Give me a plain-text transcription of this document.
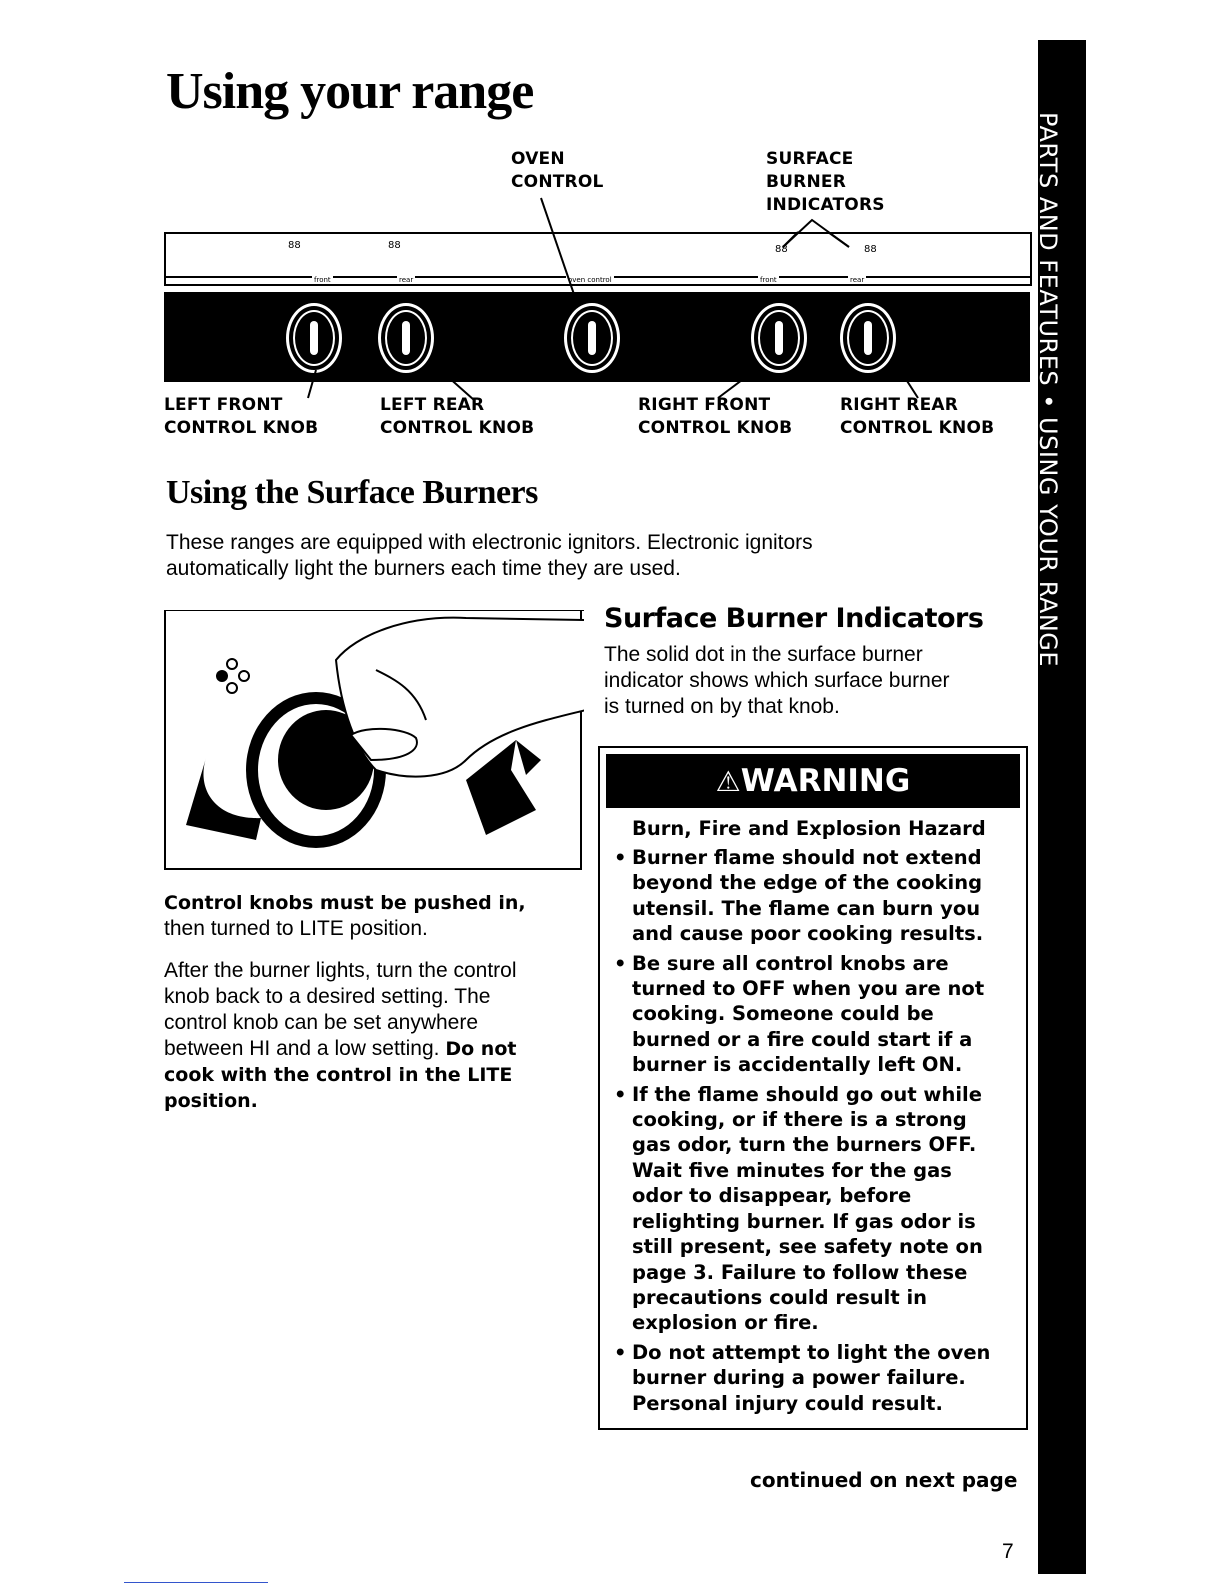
PARTS AND FEATURES • USING YOUR RANGE
Using your range
OVEN
CONTROL
SURFACE
BURNER
INDICATORS
88	88	88	88
front	rear	oven control	front	rear
LEFT FRONT
CONTROL KNOB
LEFT REAR
CONTROL KNOB
RIGHT FRONT
CONTROL KNOB
RIGHT REAR
CONTROL KNOB
Using the Surface Burners
These ranges are equipped with electronic ignitors. Electronic ignitors
automatically light the burners each time they are used.
Control knobs must be pushed in,
then turned to LITE position.
After the burner lights, turn the control
knob back to a desired setting. The
control knob can be set anywhere
between HI and a low setting. Do not
cook with the control in the LITE
position.
Surface Burner Indicators
The solid dot in the surface burner
indicator shows which surface burner
is turned on by that knob.
⚠WARNING
Burn, Fire and Explosion Hazard
• Burner flame should not extend
beyond the edge of the cooking
utensil. The flame can burn you
and cause poor cooking results.
• Be sure all control knobs are
turned to OFF when you are not
cooking. Someone could be
burned or a fire could start if a
burner is accidentally left ON.
• If the flame should go out while
cooking, or if there is a strong
gas odor, turn the burners OFF.
Wait five minutes for the gas
odor to disappear, before
relighting burner. If gas odor is
still present, see safety note on
page 3. Failure to follow these
precautions could result in
explosion or fire.
• Do not attempt to light the oven
burner during a power failure.
Personal injury could result.
continued on next page
7
